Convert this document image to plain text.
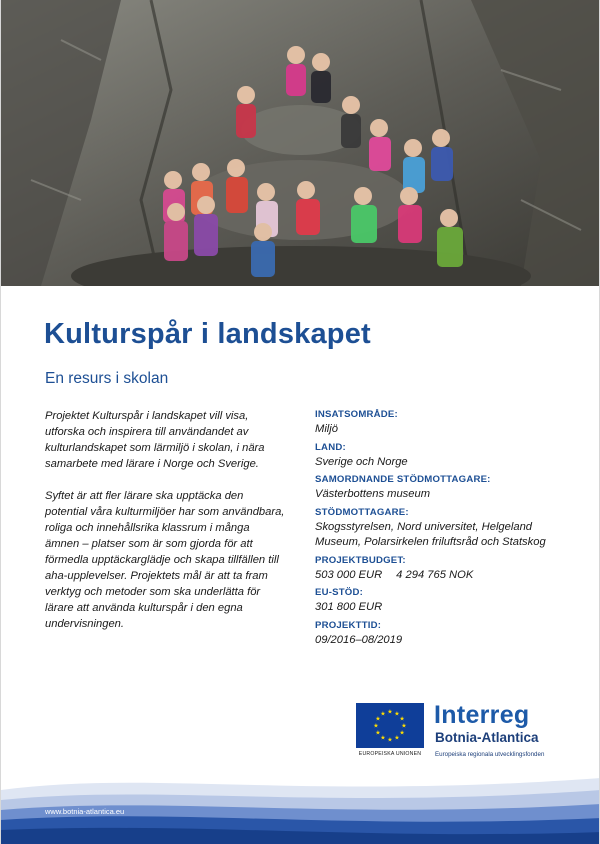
Kulturspår i landskapet
En resurs i skolan

Projektet Kulturspår i landskapet vill visa, utforska och inspirera till användandet av kulturlandskapet som lärmiljö i skolan, i nära samarbete med lärare i Norge och Sverige.

Syftet är att fler lärare ska upptäcka den potential våra kulturmiljöer har som användbara, roliga och innehållsrika klassrum i många ämnen – platser som är som gjorda för att förmedla upptäckarglädje och skapa tillfällen till aha-upplevelser. Projektets mål är att ta fram verktyg och metoder som ska underlätta för lärare att använda kulturspår i den egna undervisningen.

INSATSOMRÅDE:
Miljö
LAND:
Sverige och Norge
SAMORDNANDE STÖDMOTTAGARE:
Västerbottens museum
STÖDMOTTAGARE:
Skogsstyrelsen, Nord universitet, Helgeland Museum, Polarsirkelen friluftsråd och Statskog
PROJEKTBUDGET:
503 000 EUR 4 294 765 NOK
EU-STÖD:
301 800 EUR
PROJEKTTID:
09/2016–08/2019
★ ★
★
★
★
★
★
★
★
★
★
★
EUROPEISKA UNIONEN
Interreg
Botnia-Atlantica
Europeiska regionala utvecklingsfonden
www.botnia-atlantica.eu
